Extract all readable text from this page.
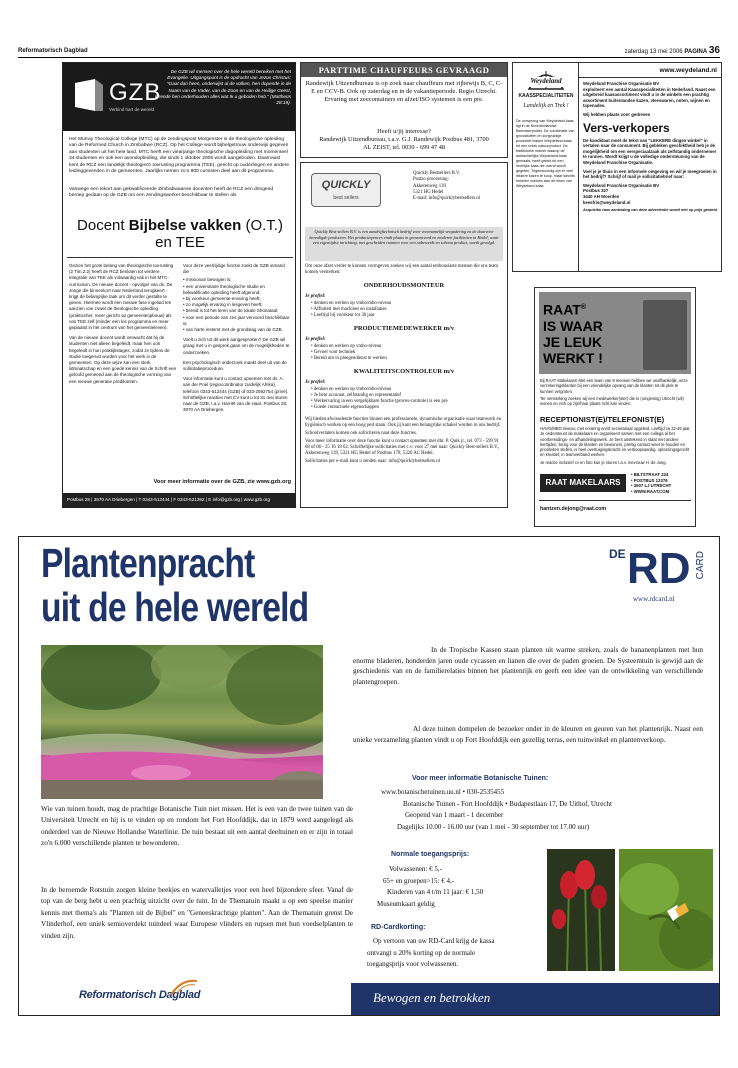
Reformatorisch Dagblad	zaterdag 13 mei 2006 PAGINA 36
GZB
Verbind hart de wereld
De GZB wil mensen over de hele wereld bereiken met het Evangelie. Uitgangspunt is de opdracht van Jezus Christus: "Gaat dan heen, onderwijst al de volken, hen dopende in de Naam van de Vader, van de Zoon en van de Heilige Geest, lerende hen onderhouden alles wat Ik u geboden heb." (Mattheüs 28:19).
Het Murray Theological College (MTC) op de zendingspost Morgenster is de theologische opleiding van de Reformed Church in Zimbabwe (RCZ). Op het College wordt bijbelgetrouw onderwijs gegeven aan studenten uit het hele land. MTC heeft een viearjarige theologische dagopleiding met momenteel 34 studenten en ook een avondopleiding, die sinds 1 oktober 2005 wordt aangeboden. Daarnaast kent de RCZ een landelijk theologisch toerusting programma (TEE), gericht op ouderlingen en andere leidinggevenden in de gemeenten. Jaarlijks nemen zo'n 800 cursisten deel aan dit programma.
Vanwege een tekort aan gekwalificeerde Zimbabwaanse docenten heeft de RCZ een dringend beroep gedaan op de GZB om een zendingswerker beschikbaar te stellen als
Docent Bijbelse vakken (O.T.)
en TEE

Gezien het grote belang van theologische toerusting (2 Tim.2:2) heeft de RCZ besloten tot verdere integratie van TEE als volwaardig vak in het MTC-curriculum. De nieuwe docent - opvolger van ds. De Jonge die binnenkort naar Nederland terugkeert - krijgt de belangrijke taak om dit verder gestalte te geven. Hiermee wordt een nieuwe fase ingeluid ten aanzien van zowel de theologische opleiding (praktischer, meer gericht op gemeenteopbouw) als van TEE zelf (minder een los programma en meer geplaatst in het centrum van het gemeenteleven).

Van de nieuwe docent wordt verwacht dat hij de studenten niet alleen begeleidt, maar hen ook begeleidt in hun praktijkstages, zodat ze tijdens de studie toegerust worden voor het werk in de gemeenten. Op deze wijze kan een sterk lidmaatschap en een goede kennis van de Schrift een geloofd gemeend aan de theologische vorming van een nieuwe generatie predikanten.

Voor deze veelzijdige functie zoekt de GZB iemand die

• missionair bewogen is;
• een universitaire theologische studie en bekwalificatie opleiding heeft afgerond;
• bij voorkeur gemeente-ervaring heeft;
• zo mogelijk ervaring in lesgeven heeft;
• bereid is tot het leren van de lokale Shonataal;
• voor een periode van zes jaar vervoerd beschikbaar is;
• van harte instemt met de grondslag van de GZB.

Voelt u zich tot dit werk aangesproken? De GZB wil graag met u in gesprek gaan om de mogelijkheden te onderzoeken.

Een psychologisch onderzoek maakt deel uit van de sollicitatieprocedure.

Voor informatie kunt u contact opnemen met ds. A. van der Poel (regiocoördinator zuidelijk Afrika), telefoon 0343-512444 (GZB) of 033-2592754 (privé). Schriftelijke reacties met CV kunt u tot 31 mei sturen naar de GZB, t.a.v. Harriët van de Haar, Postbus 28, 3970 AA Driebergen.

Voor meer informatie over de GZB, zie www.gzb.org
Postbus 28 | 3970 AA Driebergen | T 0343-512444 | F 0343-521392 | E info@gzb.org | www.gzb.org
PARTTIME CHAUFFEURS GEVRAAGD
Randewijk Uitzendbureau is op zoek naar chauffeurs met rijbewijs B, C, C-E en CCV-B. Ook op zaterdag en in de vakantieperiode. Regio Utrecht. Ervaring met zeecontainers en afzet/ISO systemen is een pre.
Heeft u/jij interesse?
Randewijk Uitzendbureau, t.a.v. G.J. Randewijk Postbus 481, 3700 AL ZEIST, tel. 0030 - 699 47 48
QUICKLY
best sellers
Quickly Bestsellers B.V.
Postzo processing:
Akkerenweg 139
5321 HG Hedel
E-mail: info@quicklybestsellers.nl
Quickly Best-sellers B.V. is een aandrijftechnisch bedrijf voor voornamelijk vergadering en de daarvoor benodigde producten. Het productieproces vindt plaats in geavanceerd en moderne faciliteiten in Hedel, waar een eigentijdse inrichting, met gescheiden ruimten voor een onbewerkt en schoon product, wordt gevolgd.
Om onze afzet verder te kunnen vormgeven zoeken wij een aantal enthousiaste mensen die ons team komen versterken:
ONDERHOUDSMONTEUR
Je profiel:
• denken en werken op vmbo/mbo-niveau
• Affiniteit met machines en installaties
• Leeftijd bij voorkeur tot 30 jaar
PRODUCTIEMEDEWERKER m/v
Je profiel:
• denken en werken op vmbo-niveau
• Gevoel voor techniek
• Bereid om in ploegendienst te werken
KWALITEITSCONTROLEUR m/v
Je profiel:
• denken en werken op vmbo/mbo-niveau
• Je bent accuraat, zelfstandig en representatief
• Werkervaring in een vergelijkbare functie (proces-controle) is een pre
• Goede contactuele eigenschappen

Wij bieden afwisselende functies binnen een professionele, dynamische organisatie waar teamwerk en hygiënisch werken op een hoog peil staan. Ook jij kunt een belangrijke schakel worden in ons bedrijf.

Schoolverlaters komen ook solliciteren naar deze functies.

Voor meer informatie over deze functie kunt u contact opnemen met dhr. P. Quik jr., tel. 073 - 599 91 08 of 06 - 25 16 18 62. Schriftelijke sollicitaties met c.v. voor 27 mei naar: Quickly Best-sellers B.V., Akkerenweg 139, 5321 HG Hedel of Postbus 178, 5320 AC Hedel.

Sollicitaties per e-mail kunt u zenden naar: info@quicklybestsellers.nl

Weydeland
KAASSPECIALITEITEN
Landelijk en Trek !
De oorsprong van Weydeland-kaas ligt in de Noordhollandse Beemsterpolder. De combinatie van grondstoffen en zorgvuldige productie maken Weydeland-kaas tot een uniek natuurproduct. De traditionele manier waarop de ambachtelijke Weydeland-kaas gemaakt, heeft geleid tot een heerlijke kaas die overal wordt gegeten. Tegenwoordig zijn er veel lekkere kazen te koop, maar slechts enkelen voldoen aan de eisen van Weydeland-kaas.
www.weydeland.nl
Weydeland Franchise Organisatie BV

exploiteert een aantal Kaasspecialiteiten in Nederland. Naast een uitgebreid kaasassortiment vindt u in de winkels een prachtig assortiment buitenlandse kazen, vleeswaren, noten, wijnen en tapenades.

Wij hebben plaats voor gedreven

Vers-verkopers

De kandidaat moet de tekst van "LEKKERE dingen winkel" in vertalen naar de consument. Bij gebleken geschiktheid heb je de mogelijkheid om een verspeciaalzaak als zelfstandig ondernemer te runnen. Wordt krijgt u de volledige ondersteuning van de Weydeland Franchise Organisatie.

Voel je je thuis in een informele omgeving en wil je meegroeien in het bedrijf? Schrijf of mail je sollicitatiebrief naar:

Weydeland Franchise Organisatie BV
Postbus 327
3440 AH Woerden
keesfris@weydeland.nl

Acquisitie naar aanleiding van deze advertentie wordt niet op prijs gesteld.

RAAT®
IS WAAR
JE LEUK
WERKT !
Bij RAAT Makelaars! Met een team van 9 mensen hebben we onafhankelijk, onze verzekeringsklanten bij een vriendelijke opvang van de klanten tot dé plek te kunnen vergroten.
Ter versterking zoeken wij een medewerker(ster) die in (omgeving) Utrecht (wil) wonen en zich op zijn/haar plaats richt kan vinden:
RECEPTIONIST(E)/TELEFONIST(E)
HAVO/MBO niveau; met ervaring en/of secretariaal opgeleid. Leeftijd ca 22-45 jaar. Je ondersteunt de makelaars en organiseert samen met een collega al het voorbereidings- en afhandelingswerk. Je bent uitstekend in staat met andere leeftijden, bezig voor de klanten en bewoners, prettig contact weet te houden en prioriteiten stellen, is heel overtuigingskracht en verkoopvaardig, oplossingsgericht en kreatief, in teamverband werken.
Je reactie inclusief cv en foto kun je sturen t.a.v. mevrouw H. de Jong.
RAAT MAKELAARS
• BILTSTRAAT 224
• POSTBUS 13376
• 3507 LJ UTRECHT
• WWW.RAAT.COM
hantzen.dejong@raat.com
Plantenpracht
uit de hele wereld
DE RD CARD
www.rdcard.nl
In de Tropische Kassen staan planten uit warme streken, zoals de bananenplanten met hun enorme bladeren, honderden jaren oude cycassen en lianen die over de paden groeien. De Systeemtuin is gewijd aan de geschiedenis van en de familierelaties binnen het plantenrijk en geeft een idee van de ontwikkeling van verschillende plantengroepen.
Al deze tuinen dompelen de bezoeker onder in de kleuren en geuren van het plantenrijk. Naast een unieke verzameling planten vindt u op Fort Hoofddijk een gezellig terras, een tuinwinkel en plantenverkoop.
Voor meer informatie Botanische Tuinen:
www.botanischetuinen.uu.nl • 030-2535455
Botanische Tuinen - Fort Hoofddijk • Budapestlaan 17, De Uithof, Utrecht
Geopend van 1 maart - 1 december
Dagelijks 10.00 - 16.00 uur (van 1 mei - 30 september tot 17.00 uur)
Normale toegangsprijs:
Volwassenen: € 5,-
65+ en groepen>15: € 4,-
Kinderen van 4 t/m 11 jaar: € 1,50
Museumkaart geldig
RD-Cardkorting:
Op vertoon van uw RD-Card krijg de kassa
ontvangt u 20% korting op de normale
toegangsprijs voor volwassenen.
Wie van tuinen houdt, mag de prachtige Botanische Tuin niet missen. Het is een van de twee tuinen van de Universiteit Utrecht en hij is te vinden op en rondom het Fort Hoofddijk, dat in 1879 werd aangelegd als onderdeel van de Nieuwe Hollandse Waterlinie. De tuin bestaat uit een aantal deeltuinen en er zijn in totaal zo'n 6.000 verschillende planten te bewonderen.
In de beroemde Rotstuin zorgen kleine beekjes en watervalletjes voor een heel bijzondere sfeer. Vanaf de top van de berg hebt u een prachtig uitzicht over de tuin. In de Thematuin maakt u op een speelse manier kennis met thema's als "Planten uit de Bijbel" en "Geneeskrachtige planten". Aan de Thematuin grenst De Vlinderhof, een uniek semioverdekt tuindeel waar Europese vlinders en rupsen met hun voedselplanten te vinden zijn.
Reformatorisch Dagblad	Bewogen en betrokken
